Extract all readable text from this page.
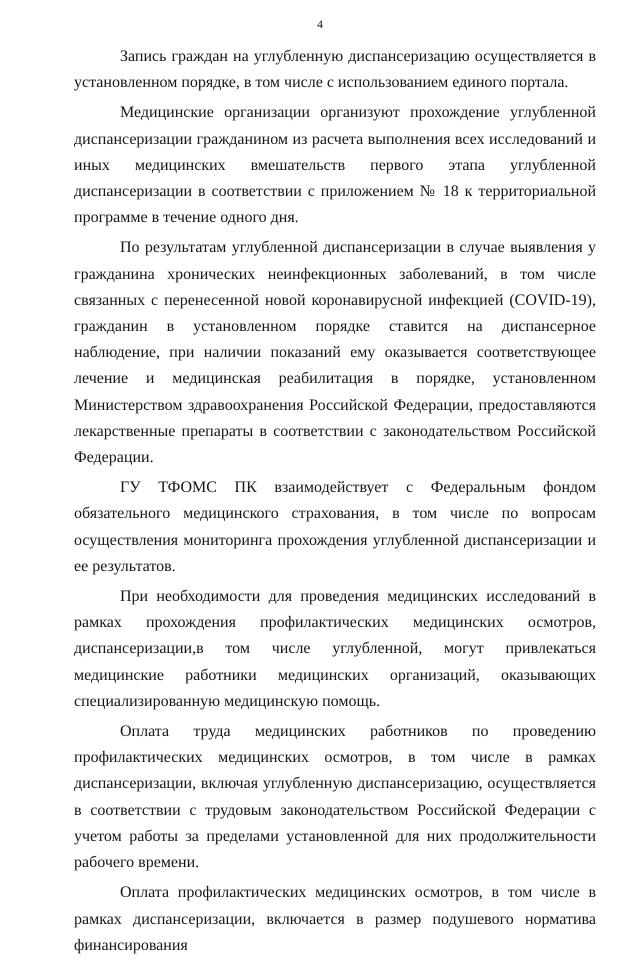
4

Запись граждан на углубленную диспансеризацию осуществляется в установленном порядке, в том числе с использованием единого портала.

Медицинские организации организуют прохождение углубленной диспансеризации гражданином из расчета выполнения всех исследований и иных медицинских вмешательств первого этапа углубленной диспансеризации в соответствии с приложением № 18 к территориальной программе в течение одного дня.

По результатам углубленной диспансеризации в случае выявления у гражданина хронических неинфекционных заболеваний, в том числе связанных с перенесенной новой коронавирусной инфекцией (COVID-19), гражданин в установленном порядке ставится на диспансерное наблюдение, при наличии показаний ему оказывается соответствующее лечение и медицинская реабилитация в порядке, установленном Министерством здравоохранения Российской Федерации, предоставляются лекарственные препараты в соответствии с законодательством Российской Федерации.

ГУ ТФОМС ПК взаимодействует с Федеральным фондом обязательного медицинского страхования, в том числе по вопросам осуществления мониторинга прохождения углубленной диспансеризации и ее результатов.

При необходимости для проведения медицинских исследований в рамках прохождения профилактических медицинских осмотров, диспансеризации,в том числе углубленной, могут привлекаться медицинские работники медицинских организаций, оказывающих специализированную медицинскую помощь.

Оплата труда медицинских работников по проведению профилактических медицинских осмотров, в том числе в рамках диспансеризации, включая углубленную диспансеризацию, осуществляется в соответствии с трудовым законодательством Российской Федерации с учетом работы за пределами установленной для них продолжительности рабочего времени.

Оплата профилактических медицинских осмотров, в том числе в рамках диспансеризации, включается в размер подушевого норматива финансирования
